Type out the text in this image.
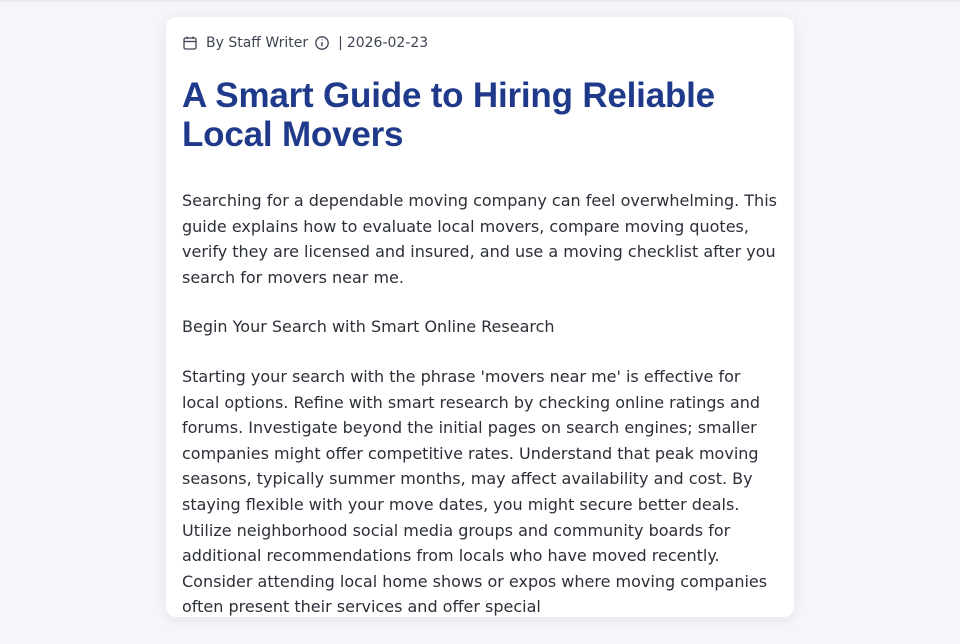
By Staff Writer | 2026-02-23
A Smart Guide to Hiring Reliable Local Movers

Searching for a dependable moving company can feel overwhelming. This guide explains how to evaluate local movers, compare moving quotes, verify they are licensed and insured, and use a moving checklist after you search for movers near me.

Begin Your Search with Smart Online Research

Starting your search with the phrase 'movers near me' is effective for local options. Refine with smart research by checking online ratings and forums. Investigate beyond the initial pages on search engines; smaller companies might offer competitive rates. Understand that peak moving seasons, typically summer months, may affect availability and cost. By staying flexible with your move dates, you might secure better deals. Utilize neighborhood social media groups and community boards for additional recommendations from locals who have moved recently. Consider attending local home shows or expos where moving companies often present their services and offer special
